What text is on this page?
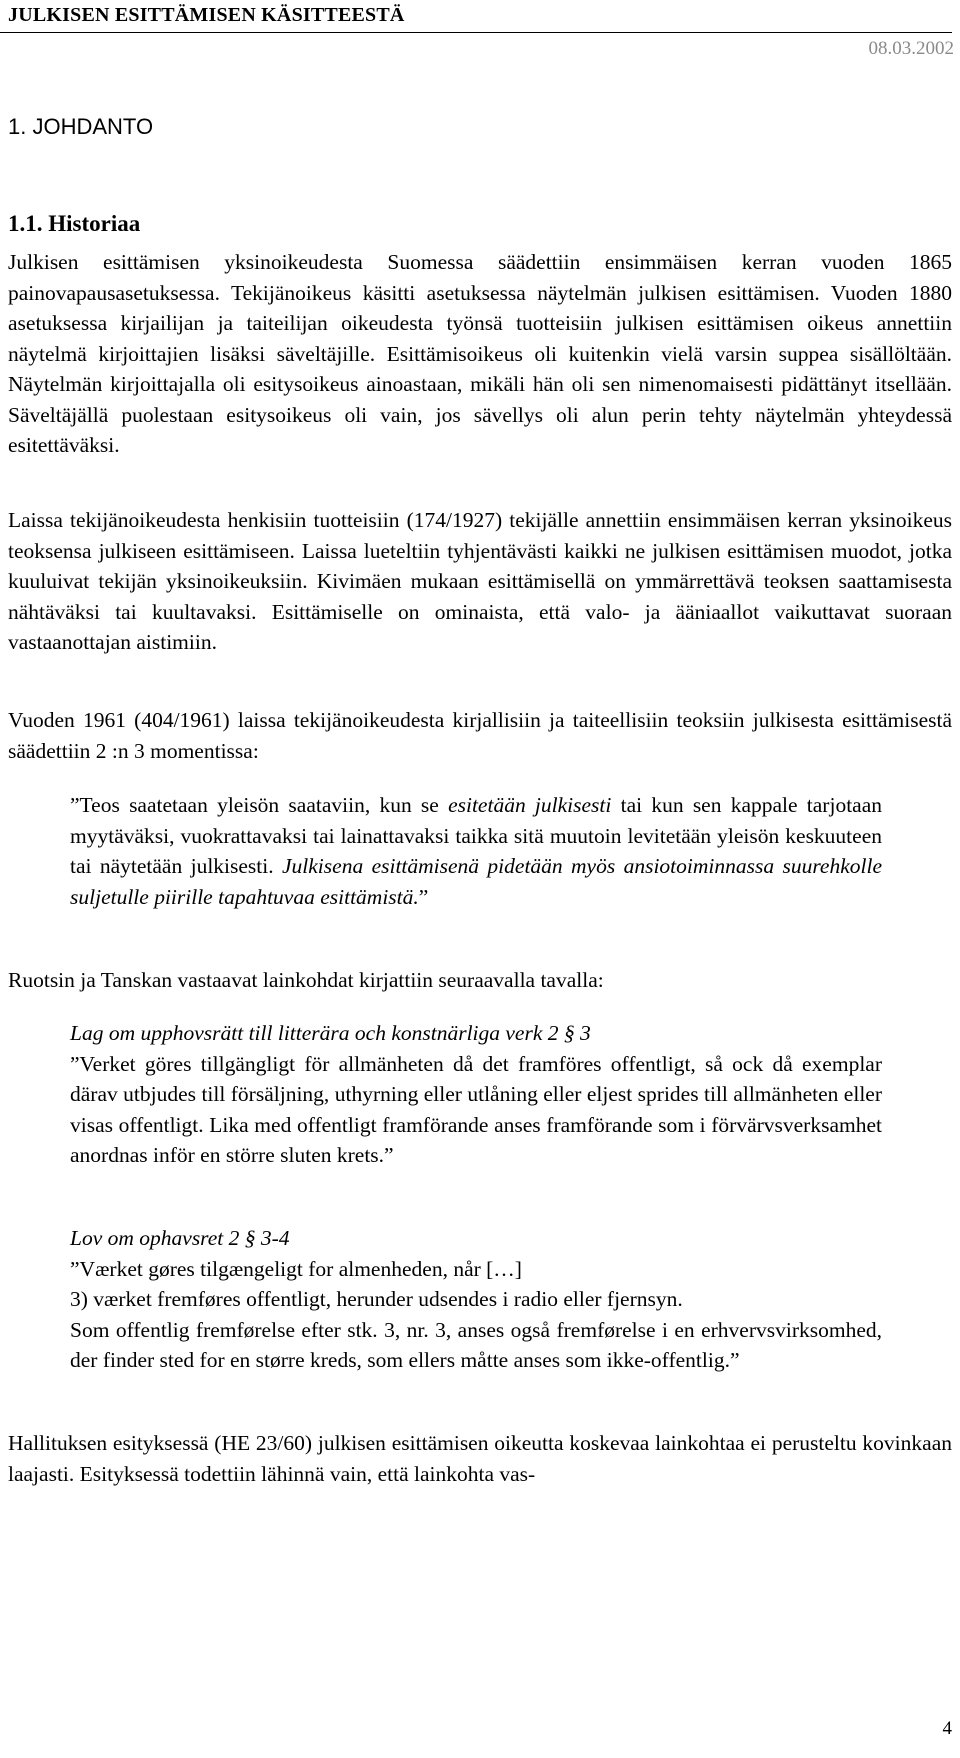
JULKISEN ESITTÄMISEN KÄSITTEESTÄ
08.03.2002
1. JOHDANTO
1.1. Historiaa

Julkisen esittämisen yksinoikeudesta Suomessa säädettiin ensimmäisen kerran vuoden 1865 painovapausasetuksessa. Tekijänoikeus käsitti asetuksessa näytelmän julkisen esittämisen. Vuoden 1880 asetuksessa kirjailijan ja taiteilijan oikeudesta työnsä tuotteisiin julkisen esittämisen oikeus annettiin näytelmä kirjoittajien lisäksi säveltäjille. Esittämisoikeus oli kuitenkin vielä varsin suppea sisällöltään. Näytelmän kirjoittajalla oli esitysoikeus ainoastaan, mikäli hän oli sen nimenomaisesti pidättänyt itsellään. Säveltäjällä puolestaan esitysoikeus oli vain, jos sävellys oli alun perin tehty näytelmän yhteydessä esitettäväksi.

Laissa tekijänoikeudesta henkisiin tuotteisiin (174/1927) tekijälle annettiin ensimmäisen kerran yksinoikeus teoksensa julkiseen esittämiseen. Laissa lueteltiin tyhjentävästi kaikki ne julkisen esittämisen muodot, jotka kuuluivat tekijän yksinoikeuksiin. Kivimäen mukaan esittämisellä on ymmärrettävä teoksen saattamisesta nähtäväksi tai kuultavaksi. Esittämiselle on ominaista, että valo- ja ääniaallot vaikuttavat suoraan vastaanottajan aistimiin.

Vuoden 1961 (404/1961) laissa tekijänoikeudesta kirjallisiin ja taiteellisiin teoksiin julkisesta esittämisestä säädettiin 2 :n 3 momentissa:

”Teos saatetaan yleisön saataviin, kun se esitetään julkisesti tai kun sen kappale tarjotaan myytäväksi, vuokrattavaksi tai lainattavaksi taikka sitä muutoin levitetään yleisön keskuuteen tai näytetään julkisesti. Julkisena esittämisenä pidetään myös ansiotoiminnassa suurehkolle suljetulle piirille tapahtuvaa esittämistä.”

Ruotsin ja Tanskan vastaavat lainkohdat kirjattiin seuraavalla tavalla:

Lag om upphovsrätt till litterära och konstnärliga verk 2 § 3
”Verket göres tillgängligt för allmänheten då det framföres offentligt, så ock då exemplar därav utbjudes till försäljning, uthyrning eller utlåning eller eljest sprides till allmänheten eller visas offentligt. Lika med offentligt framförande anses framförande som i förvärvsverksamhet anordnas inför en större sluten krets.”
Lov om ophavsret 2 § 3-4
”Værket gøres tilgængeligt for almenheden, når […]
3) værket fremføres offentligt, herunder udsendes i radio eller fjernsyn.
Som offentlig fremførelse efter stk. 3, nr. 3, anses også fremførelse i en erhvervsvirksomhed, der finder sted for en større kreds, som ellers måtte anses som ikke-offentlig.”

Hallituksen esityksessä (HE 23/60) julkisen esittämisen oikeutta koskevaa lainkohtaa ei perusteltu kovinkaan laajasti. Esityksessä todettiin lähinnä vain, että lainkohta vas-

4
